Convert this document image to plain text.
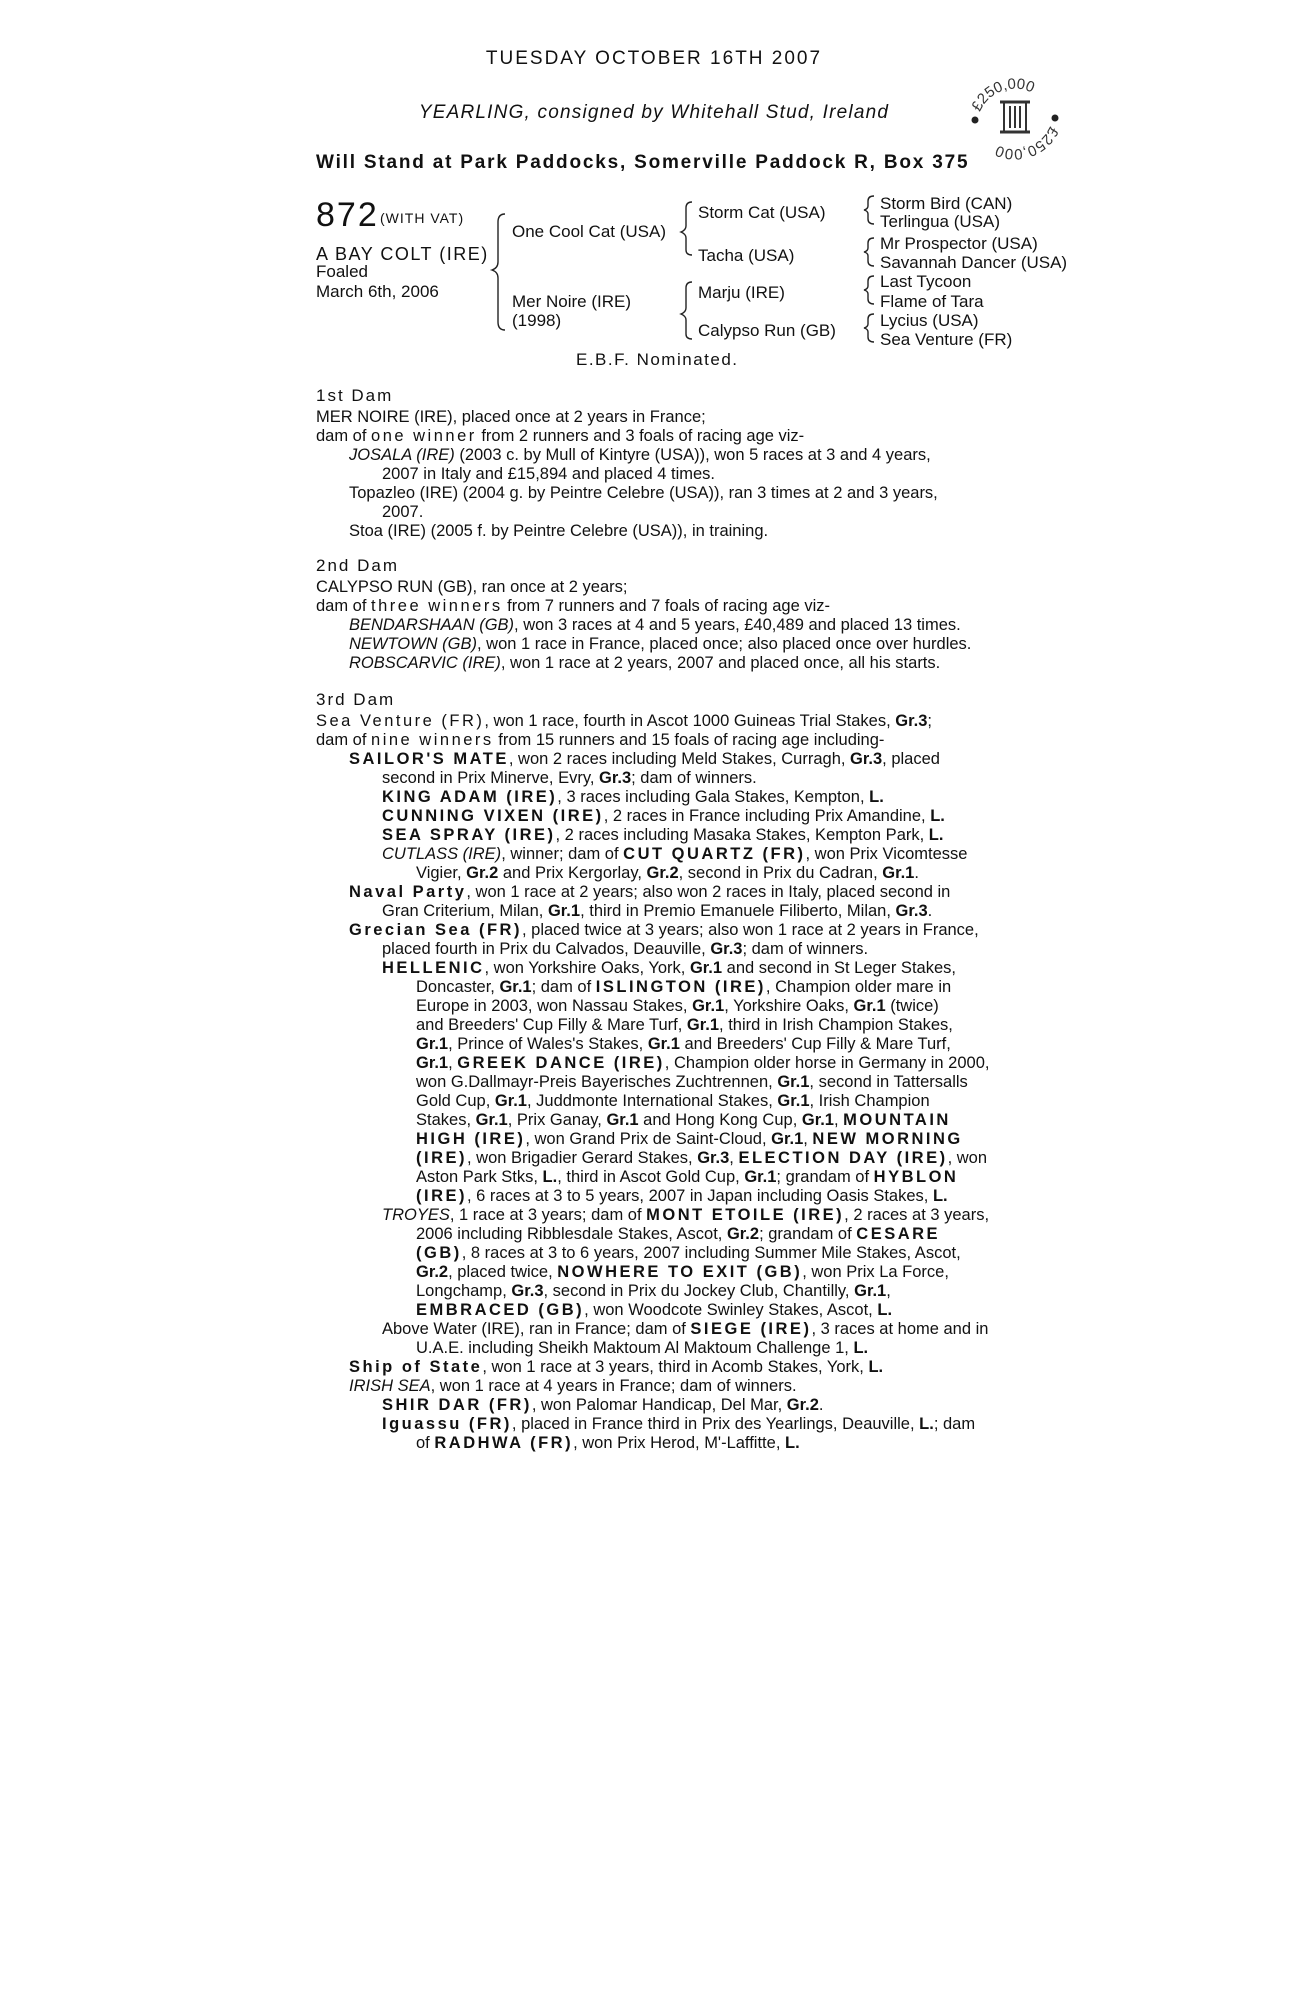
TUESDAY OCTOBER 16TH 2007
YEARLING, consigned by Whitehall Stud, Ireland
Will Stand at Park Paddocks, Somerville Paddock R, Box 375
£250,000
£250,000
872 (WITH VAT)
A BAY COLT (IRE)
Foaled
March 6th, 2006
One Cool Cat (USA)
Mer Noire (IRE)
(1998)
Storm Cat (USA)
Tacha (USA)
Marju (IRE)
Calypso Run (GB)
Storm Bird (CAN)
Terlingua (USA)
Mr Prospector (USA)
Savannah Dancer (USA)
Last Tycoon
Flame of Tara
Lycius (USA)
Sea Venture (FR)
E.B.F. Nominated.
1st Dam
MER NOIRE (IRE), placed once at 2 years in France;
dam of one winner from 2 runners and 3 foals of racing age viz-
JOSALA (IRE) (2003 c. by Mull of Kintyre (USA)), won 5 races at 3 and 4 years,
2007 in Italy and £15,894 and placed 4 times.
Topazleo (IRE) (2004 g. by Peintre Celebre (USA)), ran 3 times at 2 and 3 years,
2007.
Stoa (IRE) (2005 f. by Peintre Celebre (USA)), in training.
2nd Dam
CALYPSO RUN (GB), ran once at 2 years;
dam of three winners from 7 runners and 7 foals of racing age viz-
BENDARSHAAN (GB), won 3 races at 4 and 5 years, £40,489 and placed 13 times.
NEWTOWN (GB), won 1 race in France, placed once; also placed once over hurdles.
ROBSCARVIC (IRE), won 1 race at 2 years, 2007 and placed once, all his starts.
3rd Dam
Sea Venture (FR), won 1 race, fourth in Ascot 1000 Guineas Trial Stakes, Gr.3;
dam of nine winners from 15 runners and 15 foals of racing age including-
SAILOR'S MATE, won 2 races including Meld Stakes, Curragh, Gr.3, placed
second in Prix Minerve, Evry, Gr.3; dam of winners.
KING ADAM (IRE), 3 races including Gala Stakes, Kempton, L.
CUNNING VIXEN (IRE), 2 races in France including Prix Amandine, L.
SEA SPRAY (IRE), 2 races including Masaka Stakes, Kempton Park, L.
CUTLASS (IRE), winner; dam of CUT QUARTZ (FR), won Prix Vicomtesse
Vigier, Gr.2 and Prix Kergorlay, Gr.2, second in Prix du Cadran, Gr.1.
Naval Party, won 1 race at 2 years; also won 2 races in Italy, placed second in
Gran Criterium, Milan, Gr.1, third in Premio Emanuele Filiberto, Milan, Gr.3.
Grecian Sea (FR), placed twice at 3 years; also won 1 race at 2 years in France,
placed fourth in Prix du Calvados, Deauville, Gr.3; dam of winners.
HELLENIC, won Yorkshire Oaks, York, Gr.1 and second in St Leger Stakes,
Doncaster, Gr.1; dam of ISLINGTON (IRE), Champion older mare in
Europe in 2003, won Nassau Stakes, Gr.1, Yorkshire Oaks, Gr.1 (twice)
and Breeders' Cup Filly & Mare Turf, Gr.1, third in Irish Champion Stakes,
Gr.1, Prince of Wales's Stakes, Gr.1 and Breeders' Cup Filly & Mare Turf,
Gr.1, GREEK DANCE (IRE), Champion older horse in Germany in 2000,
won G.Dallmayr-Preis Bayerisches Zuchtrennen, Gr.1, second in Tattersalls
Gold Cup, Gr.1, Juddmonte International Stakes, Gr.1, Irish Champion
Stakes, Gr.1, Prix Ganay, Gr.1 and Hong Kong Cup, Gr.1, MOUNTAIN
HIGH (IRE), won Grand Prix de Saint-Cloud, Gr.1, NEW MORNING
(IRE), won Brigadier Gerard Stakes, Gr.3, ELECTION DAY (IRE), won
Aston Park Stks, L., third in Ascot Gold Cup, Gr.1; grandam of HYBLON
(IRE), 6 races at 3 to 5 years, 2007 in Japan including Oasis Stakes, L.
TROYES, 1 race at 3 years; dam of MONT ETOILE (IRE), 2 races at 3 years,
2006 including Ribblesdale Stakes, Ascot, Gr.2; grandam of CESARE
(GB), 8 races at 3 to 6 years, 2007 including Summer Mile Stakes, Ascot,
Gr.2, placed twice, NOWHERE TO EXIT (GB), won Prix La Force,
Longchamp, Gr.3, second in Prix du Jockey Club, Chantilly, Gr.1,
EMBRACED (GB), won Woodcote Swinley Stakes, Ascot, L.
Above Water (IRE), ran in France; dam of SIEGE (IRE), 3 races at home and in
U.A.E. including Sheikh Maktoum Al Maktoum Challenge 1, L.
Ship of State, won 1 race at 3 years, third in Acomb Stakes, York, L.
IRISH SEA, won 1 race at 4 years in France; dam of winners.
SHIR DAR (FR), won Palomar Handicap, Del Mar, Gr.2.
Iguassu (FR), placed in France third in Prix des Yearlings, Deauville, L.; dam
of RADHWA (FR), won Prix Herod, M'-Laffitte, L.
